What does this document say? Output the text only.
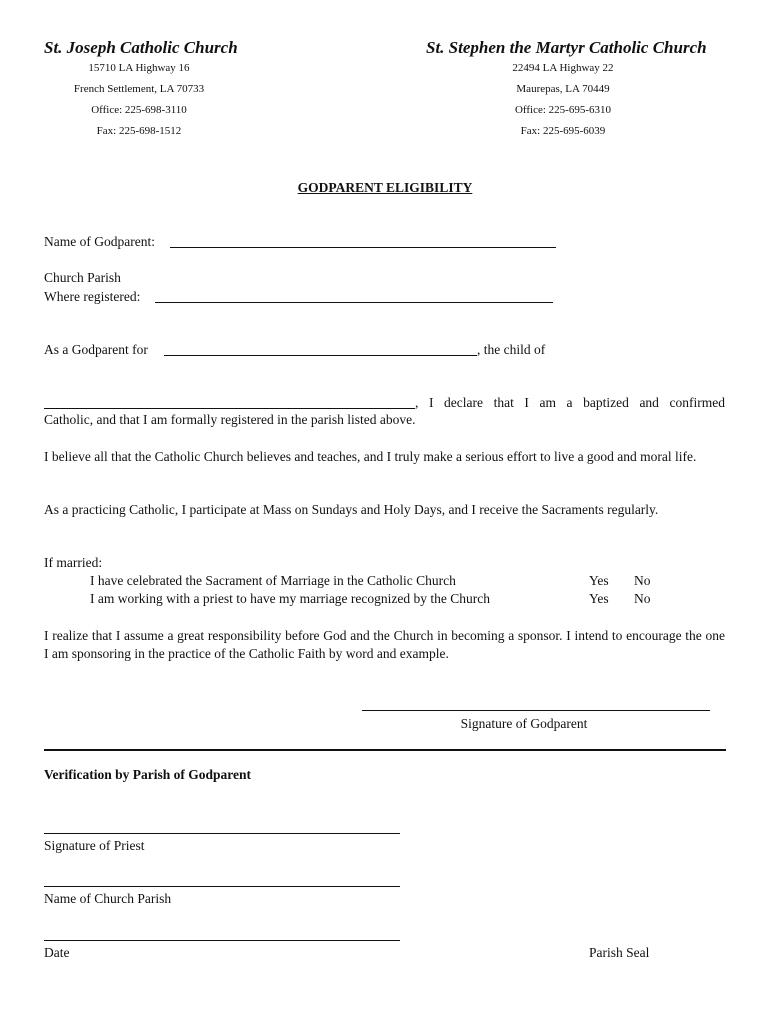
St. Joseph Catholic Church
15710 LA Highway 16
French Settlement, LA 70733
Office: 225-698-3110
Fax: 225-698-1512
St. Stephen the Martyr Catholic Church
22494 LA Highway 22
Maurepas, LA 70449
Office: 225-695-6310
Fax: 225-695-6039
GODPARENT ELIGIBILITY
Name of Godparent:
Church Parish
Where registered:
As a Godparent for	, the child of
, I declare that I am a baptized and confirmed
Catholic, and that I am formally registered in the parish listed above.
I believe all that the Catholic Church believes and teaches, and I truly make a serious effort to live a good and moral life.
As a practicing Catholic, I participate at Mass on Sundays and Holy Days, and I receive the Sacraments regularly.
If married:
I have celebrated the Sacrament of Marriage in the Catholic Church	Yes No
I am working with a priest to have my marriage recognized by the Church	Yes No
I realize that I assume a great responsibility before God and the Church in becoming a sponsor. I intend to encourage the one I am sponsoring in the practice of the Catholic Faith by word and example.
Signature of Godparent
Verification by Parish of Godparent
Signature of Priest
Name of Church Parish
Date	Parish Seal
